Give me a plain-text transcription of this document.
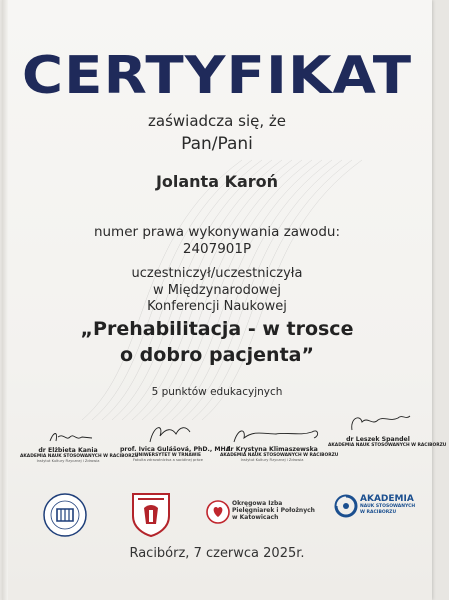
CERTYFIKAT
zaświadcza się, że
Pan/Pani
Jolanta Karoń
numer prawa wykonywania zawodu:
2407901P
uczestniczył/uczestniczyła
w Międzynarodowej
Konferencji Naukowej
„Prehabilitacja - w trosce
o dobro pacjenta”
5 punktów edukacyjnych
dr Elżbieta Kania
AKADEMIA NAUK STOSOWANYCH W RACIBORZU
Instytut Kultury Fizycznej i Zdrowia
prof. Ivica Gulášová, PhD., MHA
UNIWERSYTET W TRNAWIE
Fakulta zdravotníctva a sociálnej práce
dr Krystyna Klimaszewska
AKADEMIA NAUK STOSOWANYCH W RACIBORZU
Instytut Kultury Fizycznej i Zdrowia
dr Leszek Spandel
AKADEMIA NAUK STOSOWANYCH W RACIBORZU
Okręgowa Izba
Pielęgniarek i Położnych
w Katowicach
AKADEMIA
NAUK STOSOWANYCH
W RACIBORZU
Racibórz, 7 czerwca 2025r.
